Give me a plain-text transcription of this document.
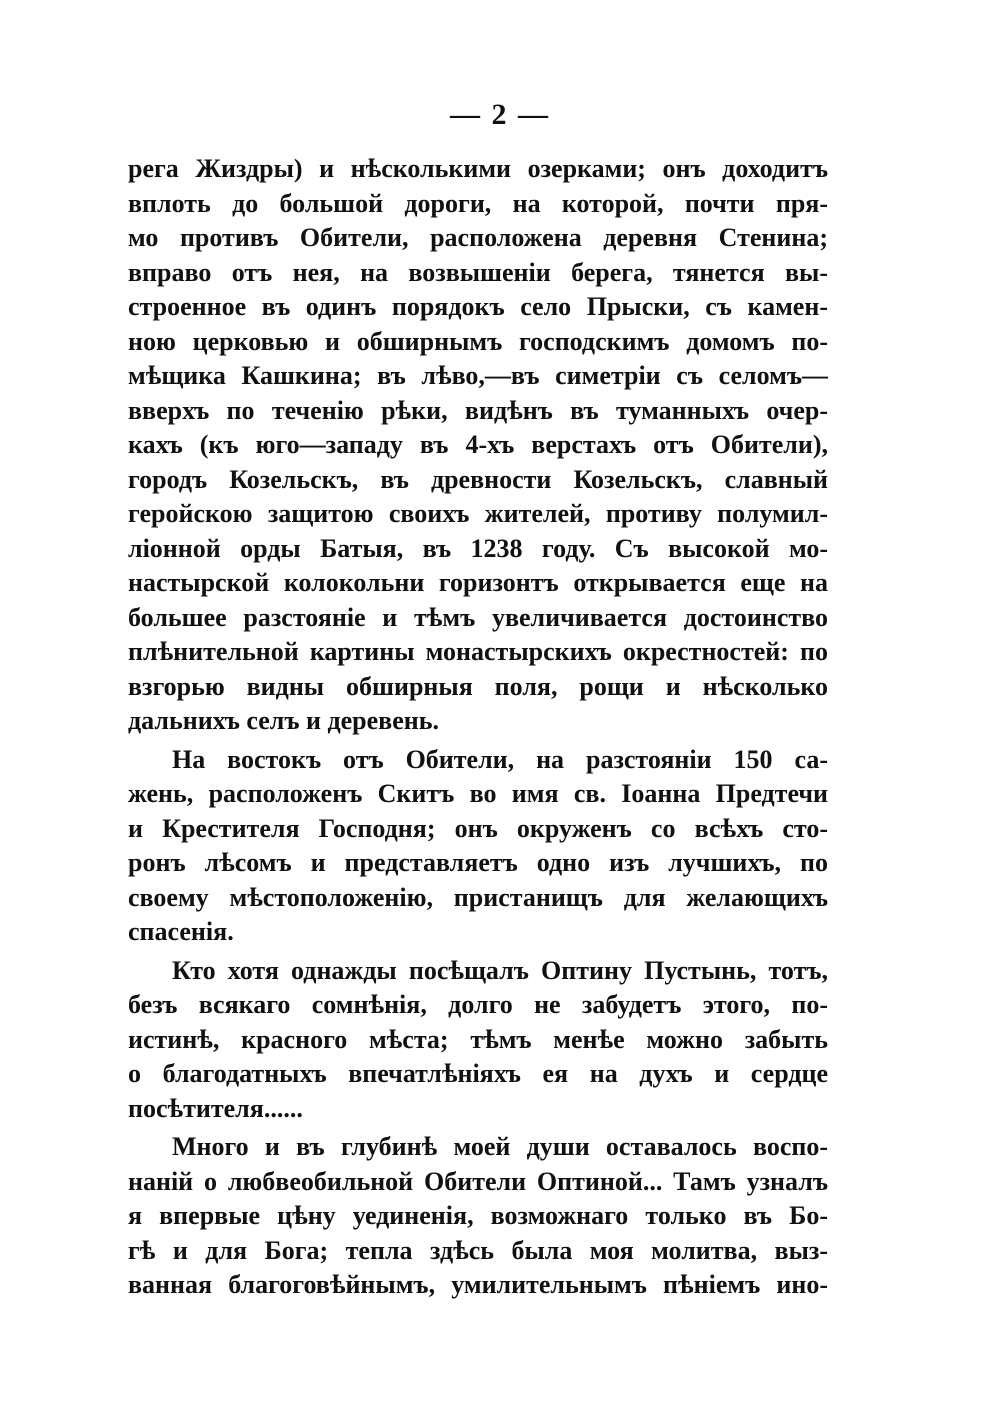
— 2 —
рега Жиздры) и нѣсколькими озерками; онъ доходитъ
вплоть до большой дороги, на которой, почти пря-
мо противъ Обители, расположена деревня Стенина;
вправо отъ нея, на возвышеніи берега, тянется вы-
строенное въ одинъ порядокъ село Прыски, съ камен-
ною церковью и обширнымъ господскимъ домомъ по-
мѣщика Кашкина; въ лѣво,—въ симетріи съ селомъ—
вверхъ по теченію рѣки, видѣнъ въ туманныхъ очер-
кахъ (къ юго—западу въ 4-хъ верстахъ отъ Обители),
городъ Козельскъ, въ древности Козельскъ, славный
геройскою защитою своихъ жителей, противу полумил-
ліонной орды Батыя, въ 1238 году. Съ высокой мо-
настырской колокольни горизонтъ открывается еще на
большее разстояніе и тѣмъ увеличивается достоинство
плѣнительной картины монастырскихъ окрестностей: по
взгорью видны обширныя поля, рощи и нѣсколько
дальнихъ селъ и деревень.
На востокъ отъ Обители, на разстояніи 150 са-
жень, расположенъ Скитъ во имя св. Іоанна Предтечи
и Крестителя Господня; онъ окруженъ со всѣхъ сто-
ронъ лѣсомъ и представляетъ одно изъ лучшихъ, по
своему мѣстоположенію, пристанищъ для желающихъ
спасенія.
Кто хотя однажды посѣщалъ Оптину Пустынь, тотъ,
безъ всякаго сомнѣнія, долго не забудетъ этого, по-
истинѣ, красного мѣста; тѣмъ менѣе можно забыть
о благодатныхъ впечатлѣніяхъ ея на духъ и сердце
посѣтителя......
Много и въ глубинѣ моей души оставалось воспо-
наній о любвеобильной Обители Оптиной... Тамъ узналъ
я впервые цѣну уединенія, возможнаго только въ Бо-
гѣ и для Бога; тепла здѣсь была моя молитва, выз-
ванная благоговѣйнымъ, умилительнымъ пѣніемъ ино-
